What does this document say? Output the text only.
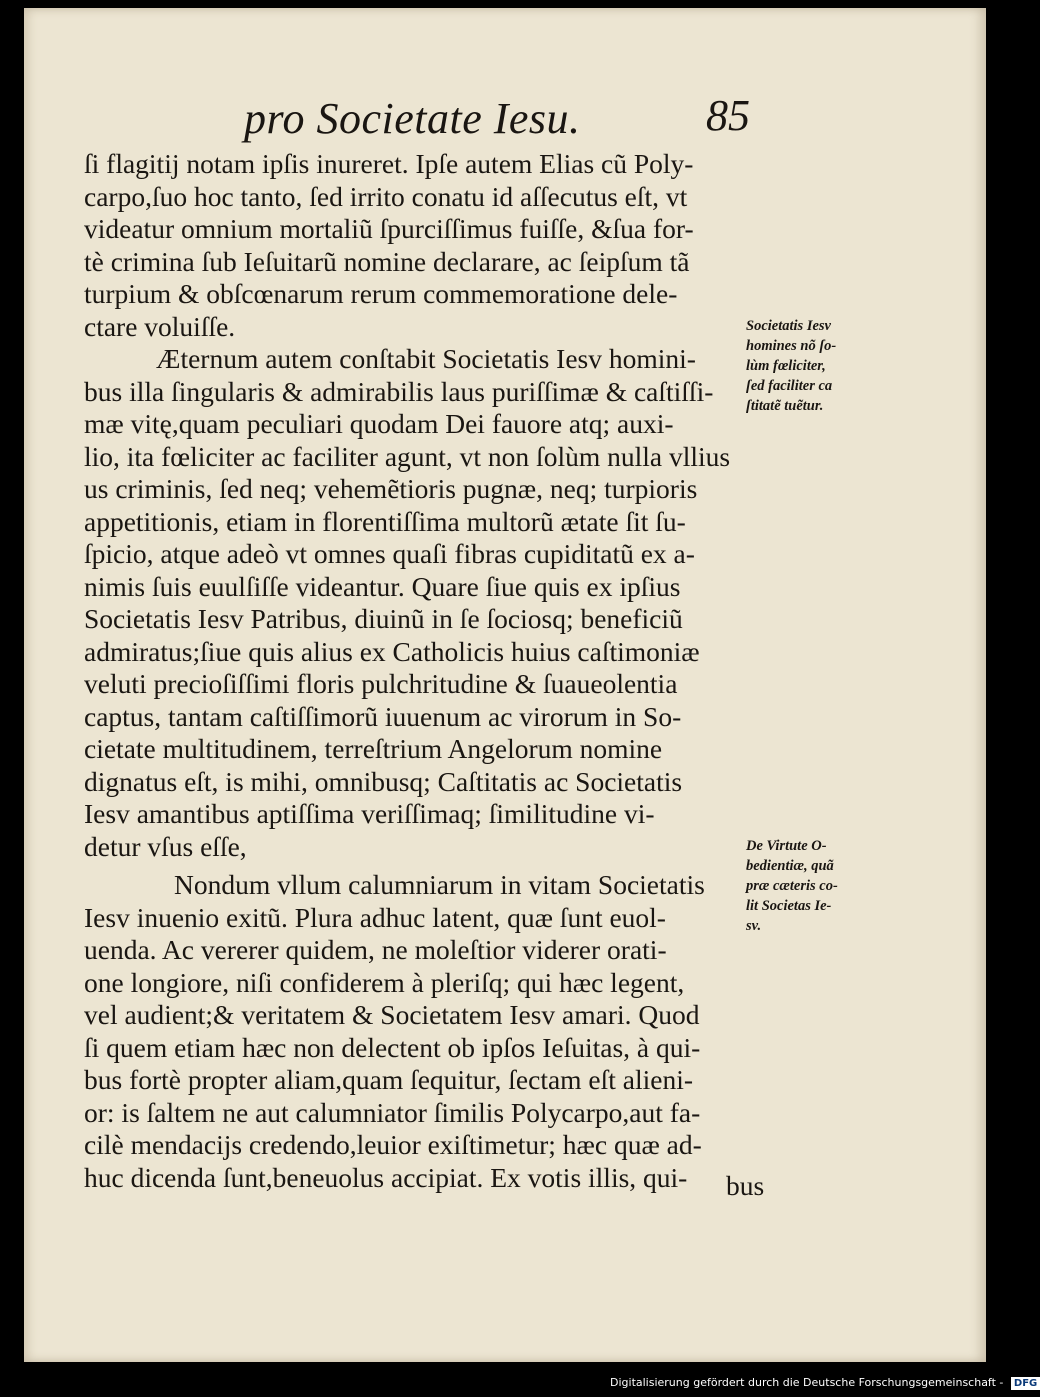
pro Societate Iesu.	85
ſi flagitij notam ipſis inureret. Ipſe autem Elias cũ Poly-
carpo,ſuo hoc tanto, ſed irrito conatu id aſſecutus eſt, vt
videatur omnium mortaliũ ſpurciſſimus fuiſſe, &ſua for-
tè crimina ſub Ieſuitarũ nomine declarare, ac ſeipſum tã
turpium & obſcœnarum rerum commemoratione dele-
ctare voluiſſe.
Æternum autem conſtabit Societatis Iesv homini-
bus illa ſingularis & admirabilis laus puriſſimæ & caſtiſſi-
mæ vitę,quam peculiari quodam Dei fauore atq; auxi-
lio, ita fœliciter ac faciliter agunt, vt non ſolùm nulla vllius
us criminis, ſed neq; vehemẽtioris pugnæ, neq; turpioris
appetitionis, etiam in florentiſſima multorũ ætate ſit ſu-
ſpicio, atque adeò vt omnes quaſi fibras cupiditatũ ex a-
nimis ſuis euulſiſſe videantur. Quare ſiue quis ex ipſius
Societatis Iesv Patribus, diuinũ in ſe ſociosq; beneficiũ
admiratus;ſiue quis alius ex Catholicis huius caſtimoniæ
veluti precioſiſſimi floris pulchritudine & ſuaueolentia
captus, tantam caſtiſſimorũ iuuenum ac virorum in So-
cietate multitudinem, terreſtrium Angelorum nomine
dignatus eſt, is mihi, omnibusq; Caſtitatis ac Societatis
Iesv amantibus aptiſſima veriſſimaq; ſimilitudine vi-
detur vſus eſſe,
Nondum vllum calumniarum in vitam Societatis
Iesv inuenio exitũ. Plura adhuc latent, quæ ſunt euol-
uenda. Ac vererer quidem, ne moleſtior viderer orati-
one longiore, niſi confiderem à pleriſq; qui hæc legent,
vel audient;& veritatem & Societatem Iesv amari. Quod
ſi quem etiam hæc non delectent ob ipſos Ieſuitas, à qui-
bus fortè propter aliam,quam ſequitur, ſectam eſt alieni-
or: is ſaltem ne aut calumniator ſimilis Polycarpo,aut fa-
cilè mendacijs credendo,leuior exiſtimetur; hæc quæ ad-
huc dicenda ſunt,beneuolus accipiat. Ex votis illis, qui-
Societatis Iesv
homines nõ ſo-
lùm fœliciter,
ſed faciliter ca
ſtitatẽ tuẽtur.
De Virtute O-
bedientiæ, quã
præ cæteris co-
lit Societas Ie-
sv.
bus
Digitalisierung gefördert durch die Deutsche Forschungsgemeinschaft - DFG
